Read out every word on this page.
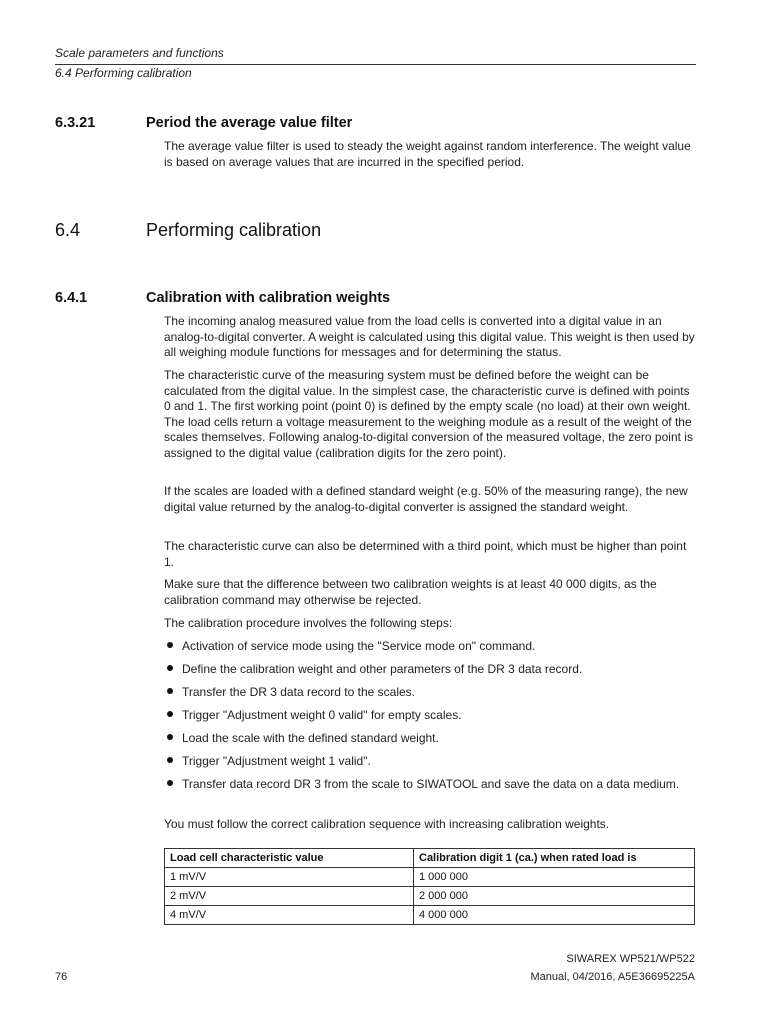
Scale parameters and functions
6.4 Performing calibration
6.3.21	Period the average value filter

The average value filter is used to steady the weight against random interference. The weight value is based on average values that are incurred in the specified period.

6.4	Performing calibration
6.4.1	Calibration with calibration weights

The incoming analog measured value from the load cells is converted into a digital value in an analog-to-digital converter. A weight is calculated using this digital value. This weight is then used by all weighing module functions for messages and for determining the status.

The characteristic curve of the measuring system must be defined before the weight can be calculated from the digital value. In the simplest case, the characteristic curve is defined with points 0 and 1. The first working point (point 0) is defined by the empty scale (no load) at their own weight. The load cells return a voltage measurement to the weighing module as a result of the weight of the scales themselves. Following analog-to-digital conversion of the measured voltage, the zero point is assigned to the digital value (calibration digits for the zero point).

If the scales are loaded with a defined standard weight (e.g. 50% of the measuring range), the new digital value returned by the analog-to-digital converter is assigned the standard weight.

The characteristic curve can also be determined with a third point, which must be higher than point 1.

Make sure that the difference between two calibration weights is at least 40 000 digits, as the calibration command may otherwise be rejected.

The calibration procedure involves the following steps:

Activation of service mode using the "Service mode on" command.
Define the calibration weight and other parameters of the DR 3 data record.
Transfer the DR 3 data record to the scales.
Trigger "Adjustment weight 0 valid" for empty scales.
Load the scale with the defined standard weight.
Trigger "Adjustment weight 1 valid".
Transfer data record DR 3 from the scale to SIWATOOL and save the data on a data medium.

You must follow the correct calibration sequence with increasing calibration weights.

Load cell characteristic value	Calibration digit 1 (ca.) when rated load is
1 mV/V	1 000 000
2 mV/V	2 000 000
4 mV/V	4 000 000
SIWAREX WP521/WP522
76	Manual, 04/2016, A5E36695225A
